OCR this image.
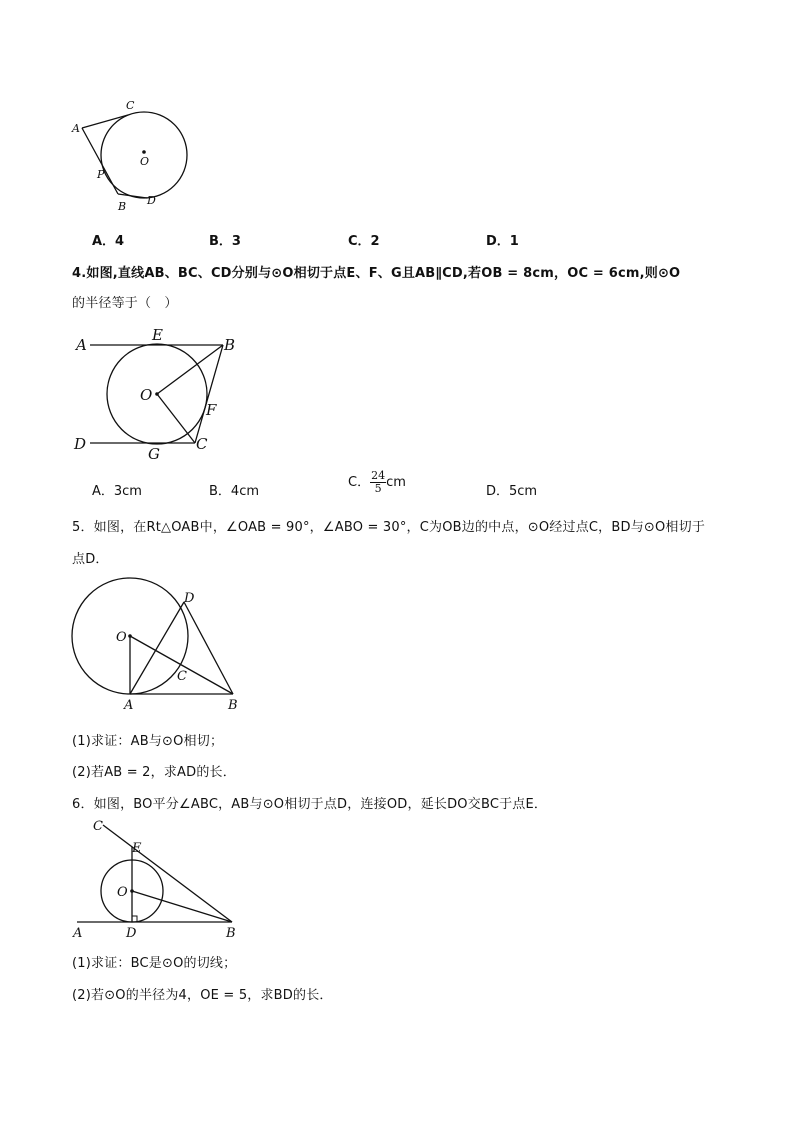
A
C
O
P
B D
A．4	B．3	C．2	D．1
4.如图,直线AB、BC、CD分别与⊙O相切于点E、F、G且AB∥CD,若OB = 8cm，OC = 6cm,则⊙O
的半径等于（　）
A
E
B
O
F
D
G
C
A．3cm	B．4cm
C． $\frac{24}{5}$ cm
D．5cm
5．如图，在Rt△OAB中，∠OAB = 90°，∠ABO = 30°，C为OB边的中点，⊙O经过点C，BD与⊙O相切于
点D．
D
O
C
A	B
(1)求证：AB与⊙O相切；
(2)若AB = 2，求AD的长．
6．如图，BO平分∠ABC，AB与⊙O相切于点D，连接OD，延长DO交BC于点E．
C
E
O
A	D	B
(1)求证：BC是⊙O的切线；
(2)若⊙O的半径为4，OE = 5，求BD的长．
